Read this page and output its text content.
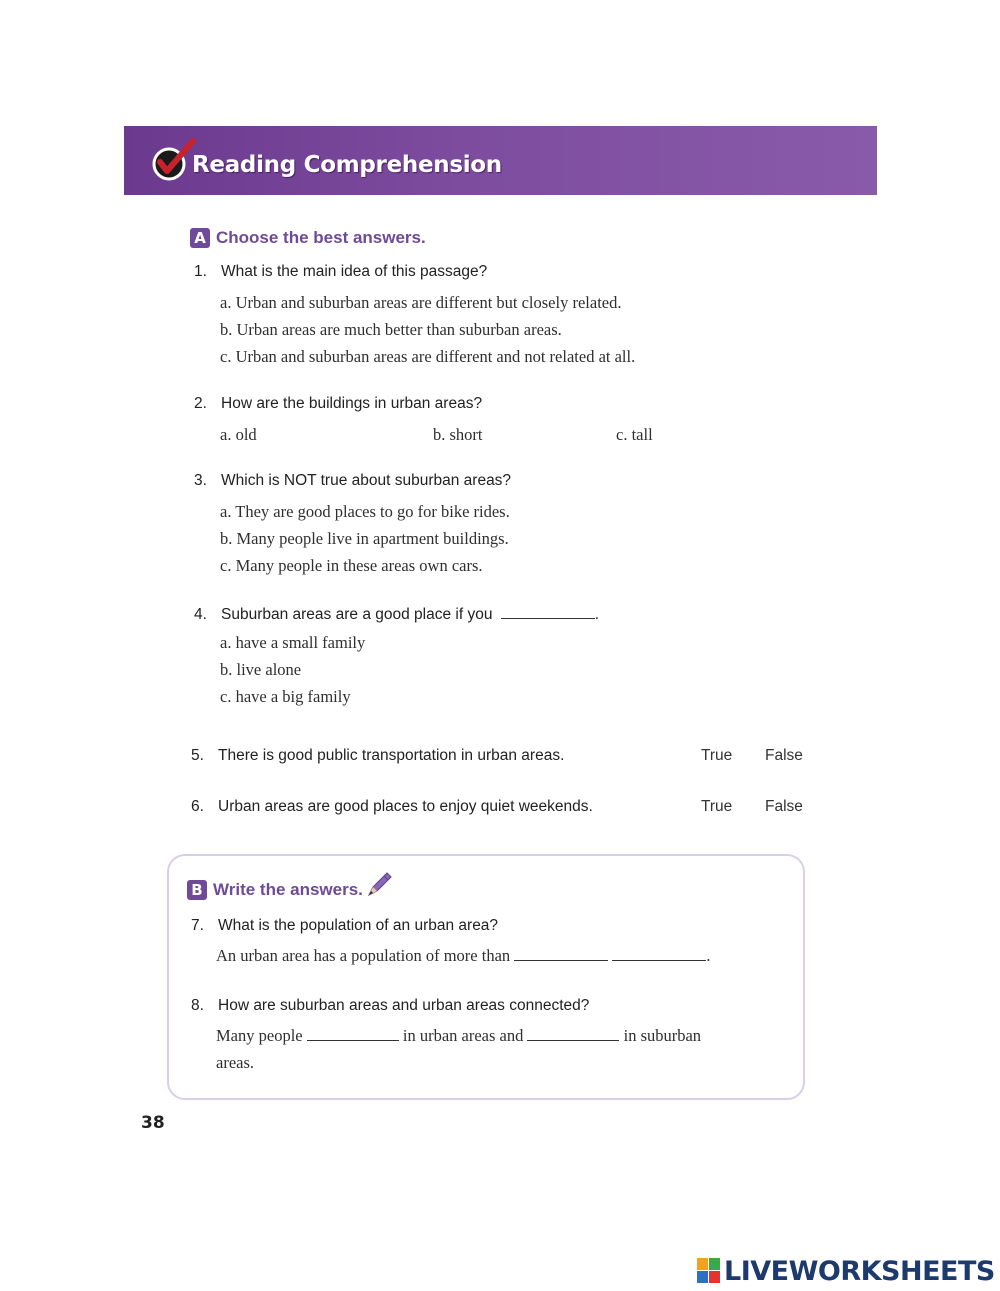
Reading Comprehension
A Choose the best answers.
1. What is the main idea of this passage?
a. Urban and suburban areas are different but closely related.
b. Urban areas are much better than suburban areas.
c. Urban and suburban areas are different and not related at all.
2. How are the buildings in urban areas?
a. old	b. short	c. tall
3. Which is NOT true about suburban areas?
a. They are good places to go for bike rides.
b. Many people live in apartment buildings.
c. Many people in these areas own cars.
4. Suburban areas are a good place if you	.
a. have a small family
b. live alone
c. have a big family
5. There is good public transportation in urban areas.	True False
6. Urban areas are good places to enjoy quiet weekends.	True False
B Write the answers.
7. What is the population of an urban area?
An urban area has a population of more than	.
8. How are suburban areas and urban areas connected?
Many people	in urban areas and	in suburban
areas.
38
LIVEWORKSHEETS
